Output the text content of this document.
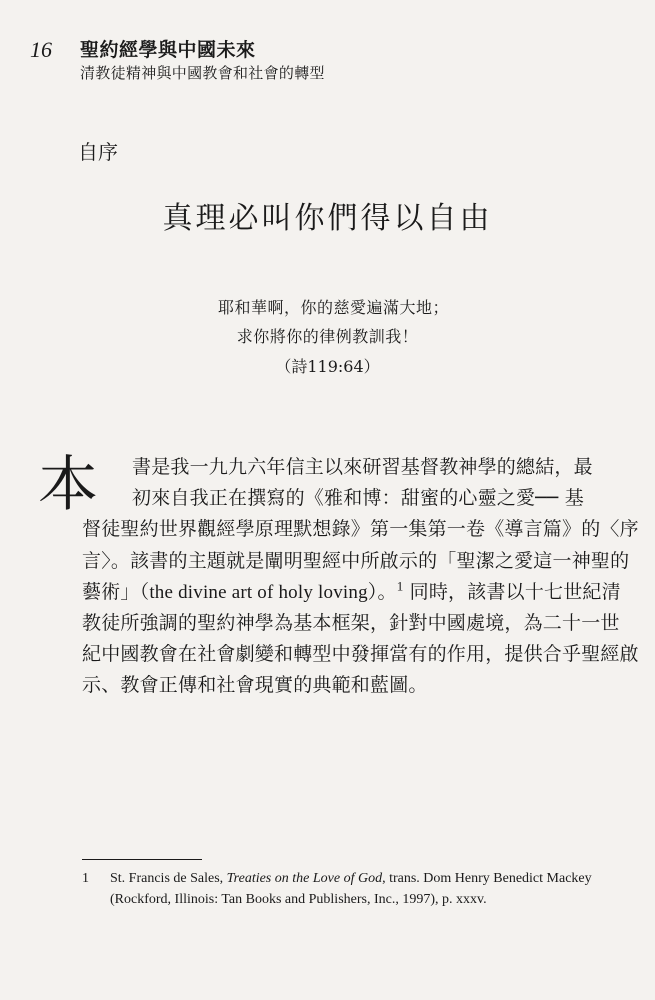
16 聖約經學與中國未來
清教徒精神與中國教會和社會的轉型
自序
真理必叫你們得以自由
耶和華啊，你的慈愛遍滿大地；
求你將你的律例教訓我！
（詩119:64）
本	書是我一九九六年信主以來研習基督教神學的總結，最
初來自我正在撰寫的《雅和博：甜蜜的心靈之愛── 基
督徒聖約世界觀經學原理默想錄》第一集第一卷《導言篇》的〈序
言〉。該書的主題就是闡明聖經中所啟示的「聖潔之愛這一神聖的
藝術」（the divine art of holy loving）。$^1$ 同時，該書以十七世紀清
教徒所強調的聖約神學為基本框架，針對中國處境，為二十一世
紀中國教會在社會劇變和轉型中發揮當有的作用，提供合乎聖經啟
示、教會正傳和社會現實的典範和藍圖。
1	St. Francis de Sales, Treaties on the Love of God, trans. Dom Henry Benedict Mackey (Rockford, Illinois: Tan Books and Publishers, Inc., 1997), p. xxxv.
